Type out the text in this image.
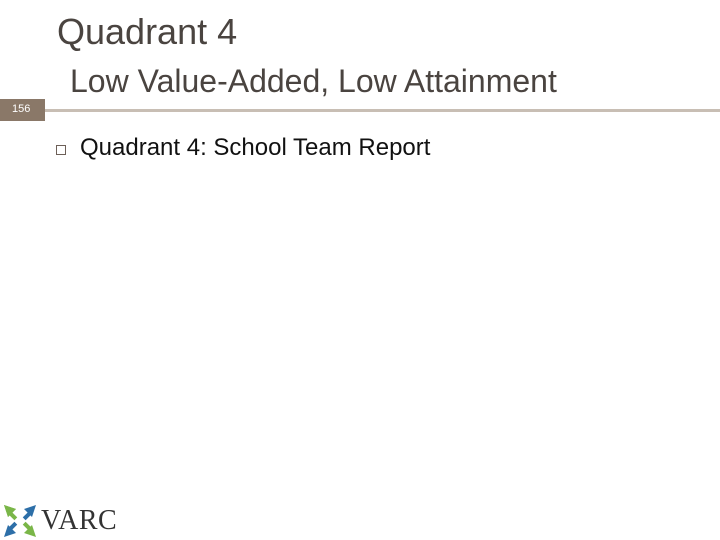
Quadrant 4
Low Value-Added, Low Attainment
156
Quadrant 4: School Team Report
VARC
